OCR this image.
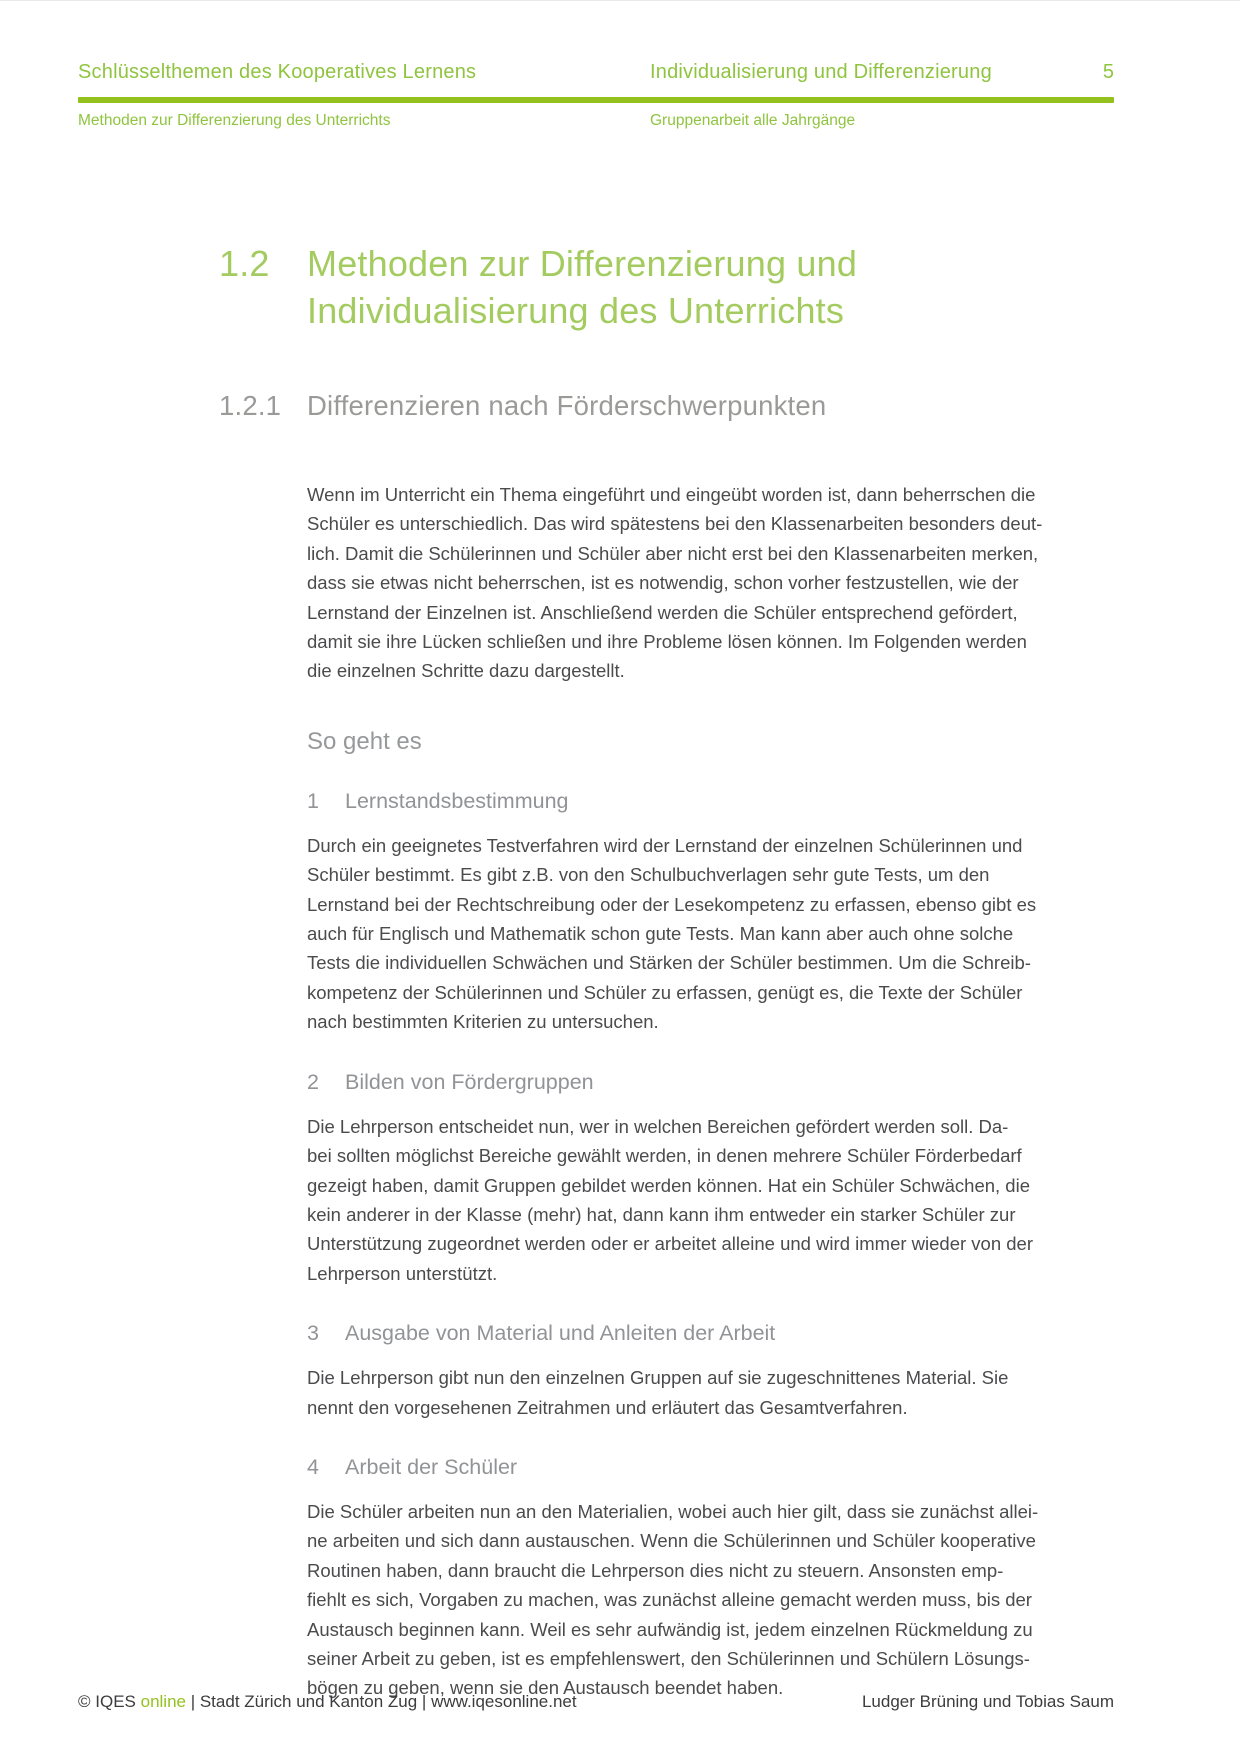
Schlüsselthemen des Kooperatives Lernens	Individualisierung und Differenzierung	5
Methoden zur Differenzierung des Unterrichts	Gruppenarbeit alle Jahrgänge
1.2	Methoden zur Differenzierung und
Individualisierung des Unterrichts
1.2.1 Differenzieren nach Förderschwerpunkten
Wenn im Unterricht ein Thema eingeführt und eingeübt worden ist, dann beherrschen die
Schüler es unterschiedlich. Das wird spätestens bei den Klassenarbeiten besonders deut-
lich. Damit die Schülerinnen und Schüler aber nicht erst bei den Klassenarbeiten merken,
dass sie etwas nicht beherrschen, ist es notwendig, schon vorher festzustellen, wie der
Lernstand der Einzelnen ist. Anschließend werden die Schüler entsprechend gefördert,
damit sie ihre Lücken schließen und ihre Probleme lösen können. Im Folgenden werden
die einzelnen Schritte dazu dargestellt.
So geht es
1	Lernstandsbestimmung
Durch ein geeignetes Testverfahren wird der Lernstand der einzelnen Schülerinnen und
Schüler bestimmt. Es gibt z.B. von den Schulbuchverlagen sehr gute Tests, um den
Lernstand bei der Rechtschreibung oder der Lesekompetenz zu erfassen, ebenso gibt es
auch für Englisch und Mathematik schon gute Tests. Man kann aber auch ohne solche
Tests die individuellen Schwächen und Stärken der Schüler bestimmen. Um die Schreib-
kompetenz der Schülerinnen und Schüler zu erfassen, genügt es, die Texte der Schüler
nach bestimmten Kriterien zu untersuchen.
2	Bilden von Fördergruppen
Die Lehrperson entscheidet nun, wer in welchen Bereichen gefördert werden soll. Da-
bei sollten möglichst Bereiche gewählt werden, in denen mehrere Schüler Förderbedarf
gezeigt haben, damit Gruppen gebildet werden können. Hat ein Schüler Schwächen, die
kein anderer in der Klasse (mehr) hat, dann kann ihm entweder ein starker Schüler zur
Unterstützung zugeordnet werden oder er arbeitet alleine und wird immer wieder von der
Lehrperson unterstützt.
3	Ausgabe von Material und Anleiten der Arbeit
Die Lehrperson gibt nun den einzelnen Gruppen auf sie zugeschnittenes Material. Sie
nennt den vorgesehenen Zeitrahmen und erläutert das Gesamtverfahren.
4	Arbeit der Schüler
Die Schüler arbeiten nun an den Materialien, wobei auch hier gilt, dass sie zunächst allei-
ne arbeiten und sich dann austauschen. Wenn die Schülerinnen und Schüler kooperative
Routinen haben, dann braucht die Lehrperson dies nicht zu steuern. Ansonsten emp-
fiehlt es sich, Vorgaben zu machen, was zunächst alleine gemacht werden muss, bis der
Austausch beginnen kann. Weil es sehr aufwändig ist, jedem einzelnen Rückmeldung zu
seiner Arbeit zu geben, ist es empfehlenswert, den Schülerinnen und Schülern Lösungs-
bögen zu geben, wenn sie den Austausch beendet haben.
© IQES online | Stadt Zürich und Kanton Zug | www.iqesonline.net	Ludger Brüning und Tobias Saum
